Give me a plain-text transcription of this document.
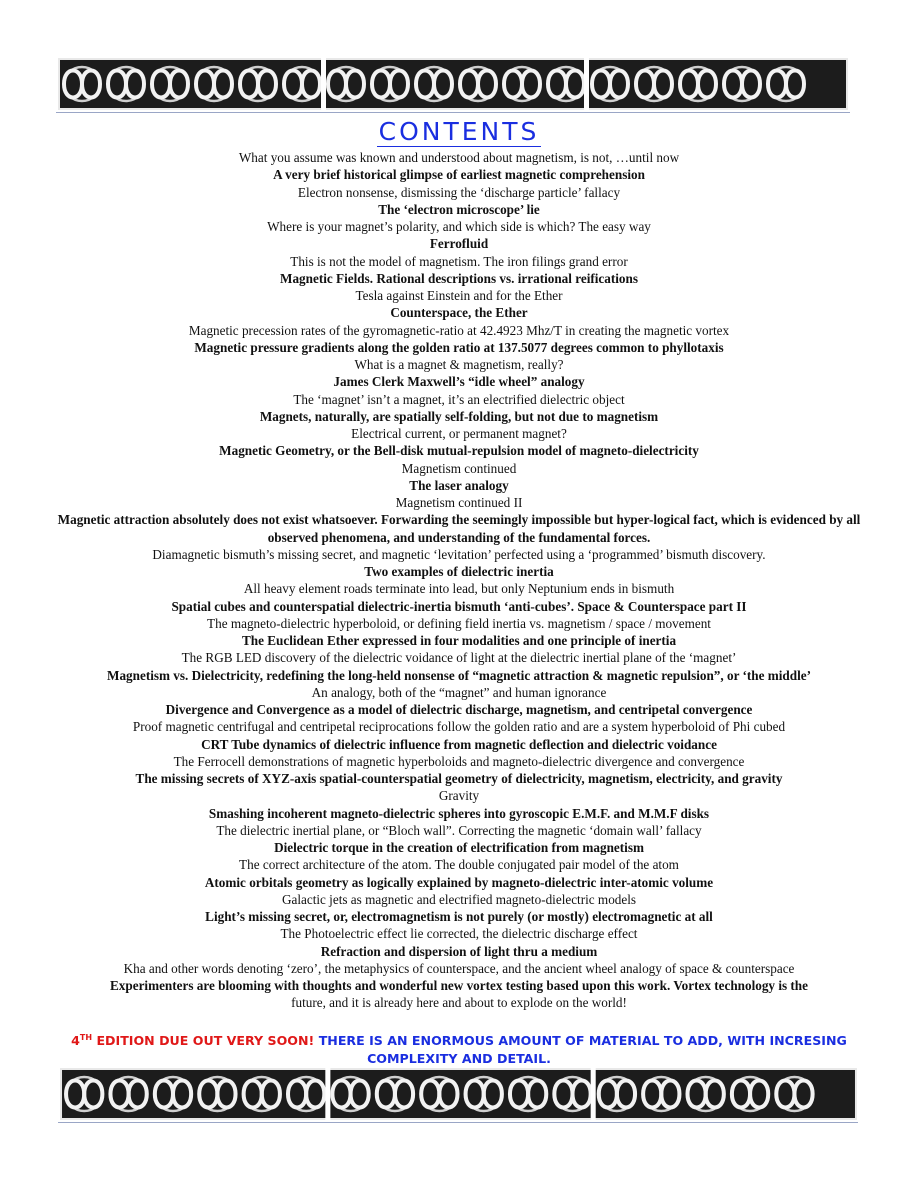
CONTENTS
What you assume was known and understood about magnetism, is not, …until now
A very brief historical glimpse of earliest magnetic comprehension
Electron nonsense, dismissing the ‘discharge particle’ fallacy
The ‘electron microscope’ lie
Where is your magnet’s polarity, and which side is which? The easy way
Ferrofluid
This is not the model of magnetism. The iron filings grand error
Magnetic Fields. Rational descriptions vs. irrational reifications
Tesla against Einstein and for the Ether
Counterspace, the Ether
Magnetic precession rates of the gyromagnetic-ratio at 42.4923 Mhz/T in creating the magnetic vortex
Magnetic pressure gradients along the golden ratio at 137.5077 degrees common to phyllotaxis
What is a magnet & magnetism, really?
James Clerk Maxwell’s “idle wheel” analogy
The ‘magnet’ isn’t a magnet, it’s an electrified dielectric object
Magnets, naturally, are spatially self-folding, but not due to magnetism
Electrical current, or permanent magnet?
Magnetic Geometry, or the Bell-disk mutual-repulsion model of magneto-dielectricity
Magnetism continued
The laser analogy
Magnetism continued II
Magnetic attraction absolutely does not exist whatsoever. Forwarding the seemingly impossible but hyper-logical fact, which is evidenced by all observed phenomena, and understanding of the fundamental forces.
Diamagnetic bismuth’s missing secret, and magnetic ‘levitation’ perfected using a ‘programmed’ bismuth discovery.
Two examples of dielectric inertia
All heavy element roads terminate into lead, but only Neptunium ends in bismuth
Spatial cubes and counterspatial dielectric-inertia bismuth ‘anti-cubes’. Space & Counterspace part II
The magneto-dielectric hyperboloid, or defining field inertia vs. magnetism / space / movement
The Euclidean Ether expressed in four modalities and one principle of inertia
The RGB LED discovery of the dielectric voidance of light at the dielectric inertial plane of the ‘magnet’
Magnetism vs. Dielectricity, redefining the long-held nonsense of “magnetic attraction & magnetic repulsion”, or ‘the middle’
An analogy, both of the “magnet” and human ignorance
Divergence and Convergence as a model of dielectric discharge, magnetism, and centripetal convergence
Proof magnetic centrifugal and centripetal reciprocations follow the golden ratio and are a system hyperboloid of Phi cubed
CRT Tube dynamics of dielectric influence from magnetic deflection and dielectric voidance
The Ferrocell demonstrations of magnetic hyperboloids and magneto-dielectric divergence and convergence
The missing secrets of XYZ-axis spatial-counterspatial geometry of dielectricity, magnetism, electricity, and gravity
Gravity
Smashing incoherent magneto-dielectric spheres into gyroscopic E.M.F. and M.M.F disks
The dielectric inertial plane, or “Bloch wall”. Correcting the magnetic ‘domain wall’ fallacy
Dielectric torque in the creation of electrification from magnetism
The correct architecture of the atom. The double conjugated pair model of the atom
Atomic orbitals geometry as logically explained by magneto-dielectric inter-atomic volume
Galactic jets as magnetic and electrified magneto-dielectric models
Light’s missing secret, or, electromagnetism is not purely (or mostly) electromagnetic at all
The Photoelectric effect lie corrected, the dielectric discharge effect
Refraction and dispersion of light thru a medium
Kha and other words denoting ‘zero’, the metaphysics of counterspace, and the ancient wheel analogy of space & counterspace
Experimenters are blooming with thoughts and wonderful new vortex testing based upon this work. Vortex technology is the
future, and it is already here and about to explode on the world!
4TH EDITION DUE OUT VERY SOON! THERE IS AN ENORMOUS AMOUNT OF MATERIAL TO ADD, WITH INCRESING COMPLEXITY AND DETAIL.
